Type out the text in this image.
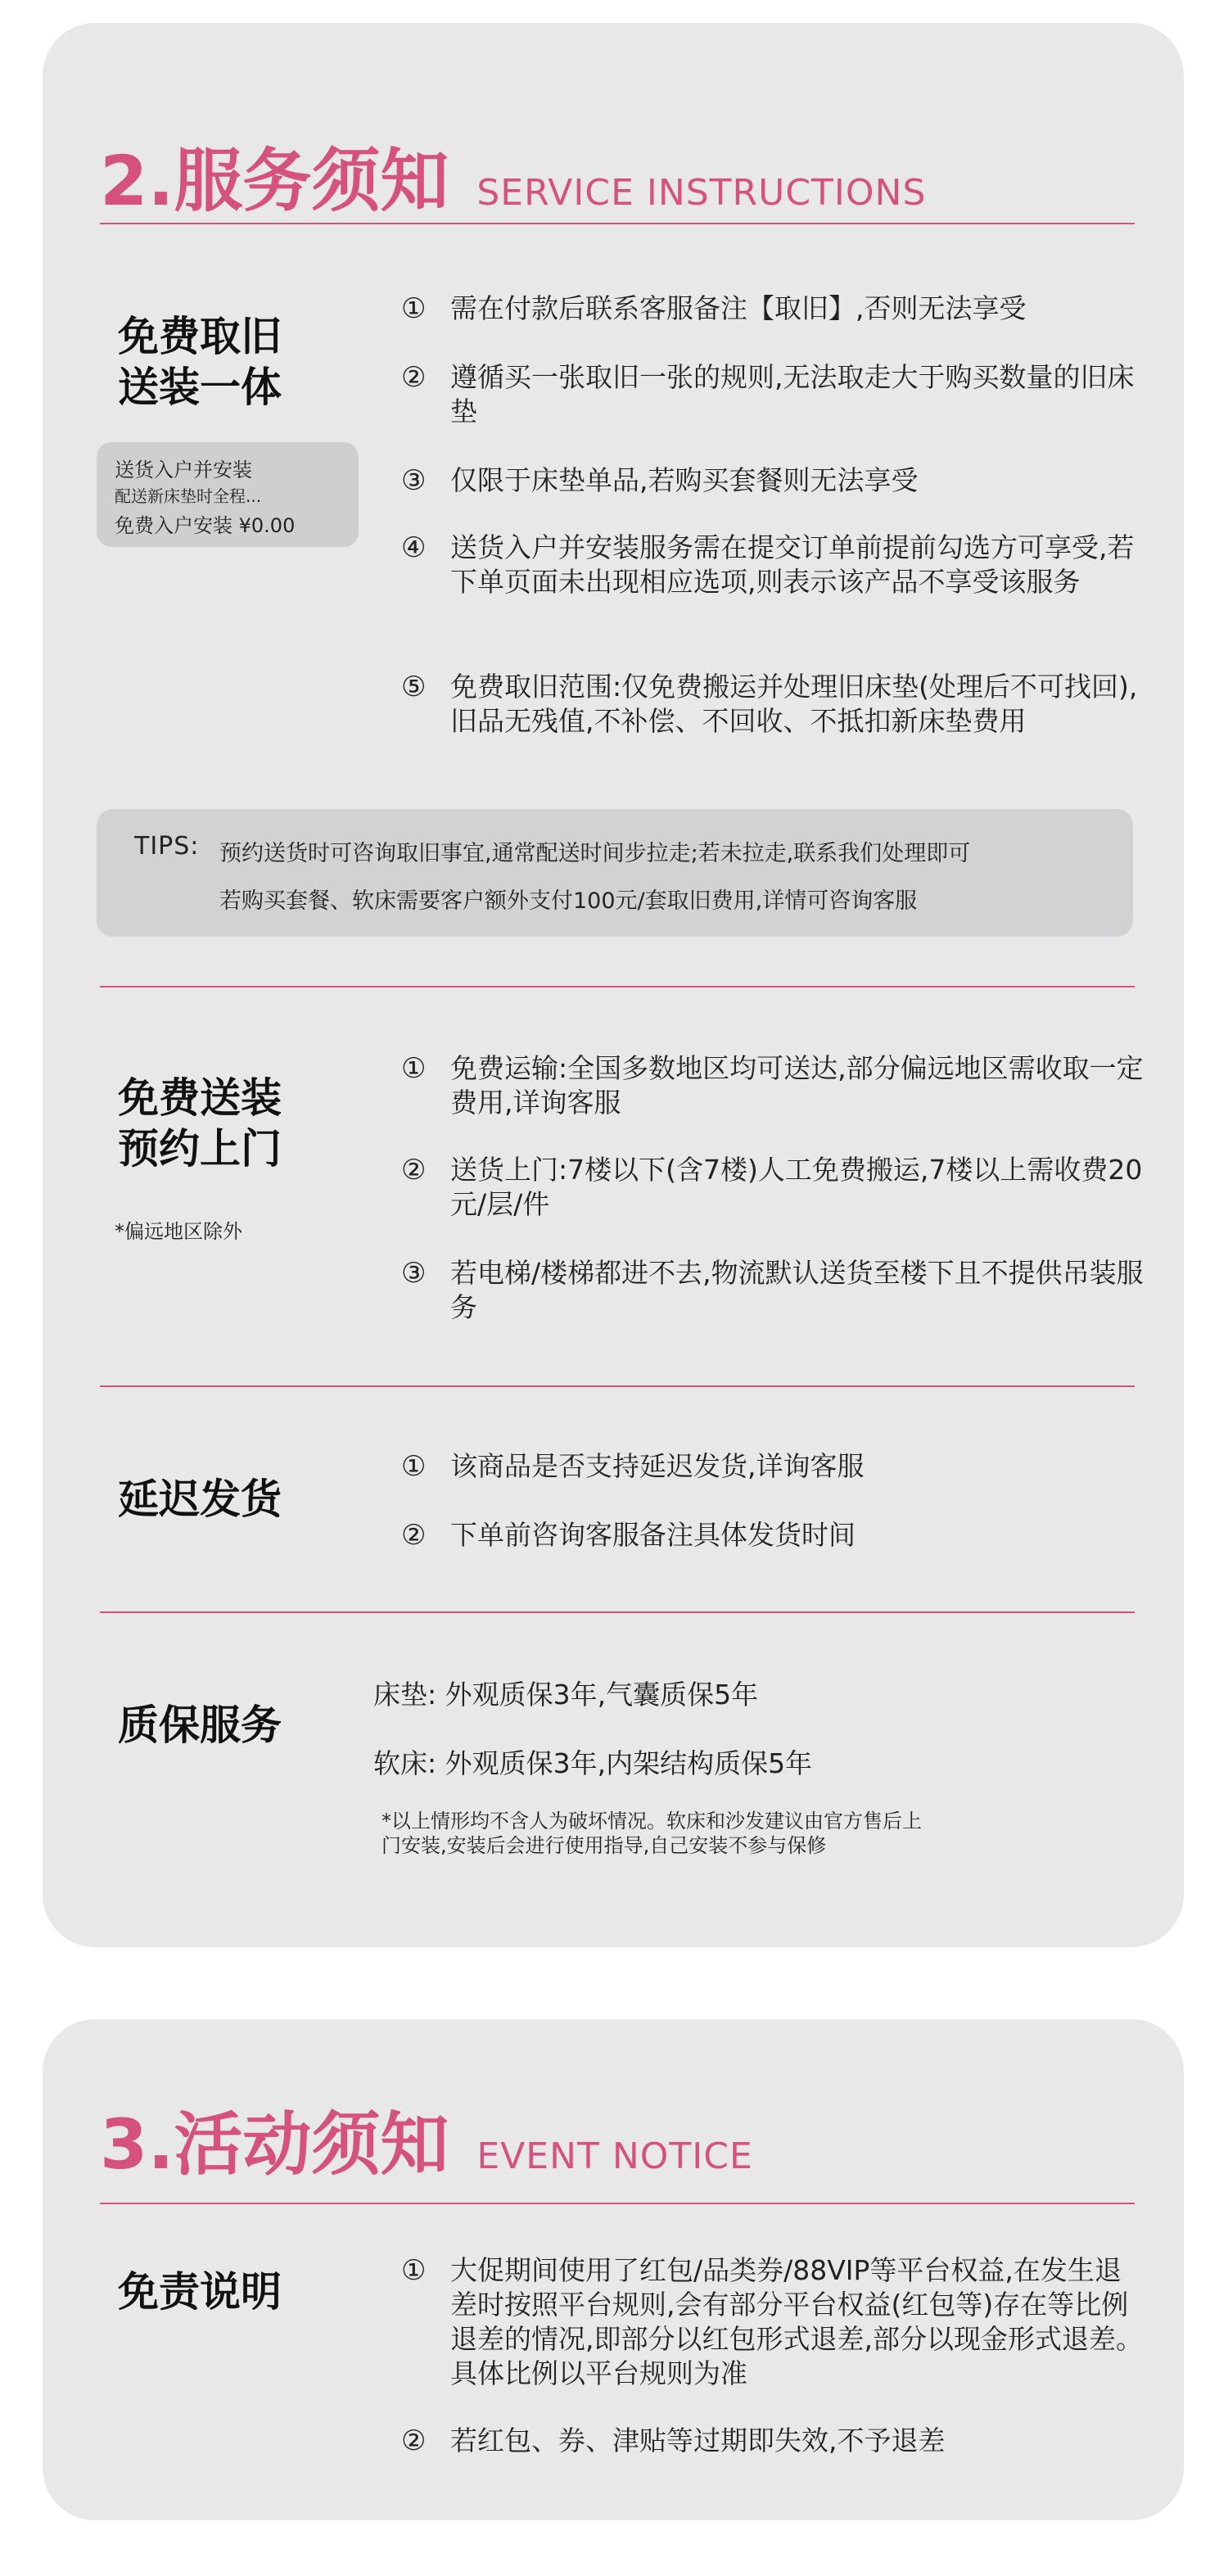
2. 服务须知 SERVICE INSTRUCTIONS
免费取旧
送装一体
送货入户并安装
配送新床垫时全程...
免费入户安装 ¥0.00
① 需在付款后联系客服备注【取旧】,否则无法享受
② 遵循买一张取旧一张的规则,无法取走大于购买数量的旧床垫
③ 仅限于床垫单品,若购买套餐则无法享受
④ 送货入户并安装服务需在提交订单前提前勾选方可享受,若下单页面未出现相应选项,则表示该产品不享受该服务
⑤ 免费取旧范围:仅免费搬运并处理旧床垫(处理后不可找回),旧品无残值,不补偿、不回收、不抵扣新床垫费用
TIPS: 预约送货时可咨询取旧事宜,通常配送时间步拉走;若未拉走,联系我们处理即可
若购买套餐、软床需要客户额外支付100元/套取旧费用,详情可咨询客服
免费送装
预约上门
*偏远地区除外
① 免费运输:全国多数地区均可送达,部分偏远地区需收取一定费用,详询客服
② 送货上门:7楼以下(含7楼)人工免费搬运,7楼以上需收费20元/层/件
③ 若电梯/楼梯都进不去,物流默认送货至楼下且不提供吊装服务
延迟发货
① 该商品是否支持延迟发货,详询客服
② 下单前咨询客服备注具体发货时间
质保服务
床垫: 外观质保3年,气囊质保5年
软床: 外观质保3年,内架结构质保5年
*以上情形均不含人为破坏情况。软床和沙发建议由官方售后上
门安装,安装后会进行使用指导,自己安装不参与保修
3. 活动须知 EVENT NOTICE
免责说明	① 大促期间使用了红包/品类券/88VIP等平台权益,在发生退差时按照平台规则,会有部分平台权益(红包等)存在等比例退差的情况,即部分以红包形式退差,部分以现金形式退差。具体比例以平台规则为准
② 若红包、券、津贴等过期即失效,不予退差
